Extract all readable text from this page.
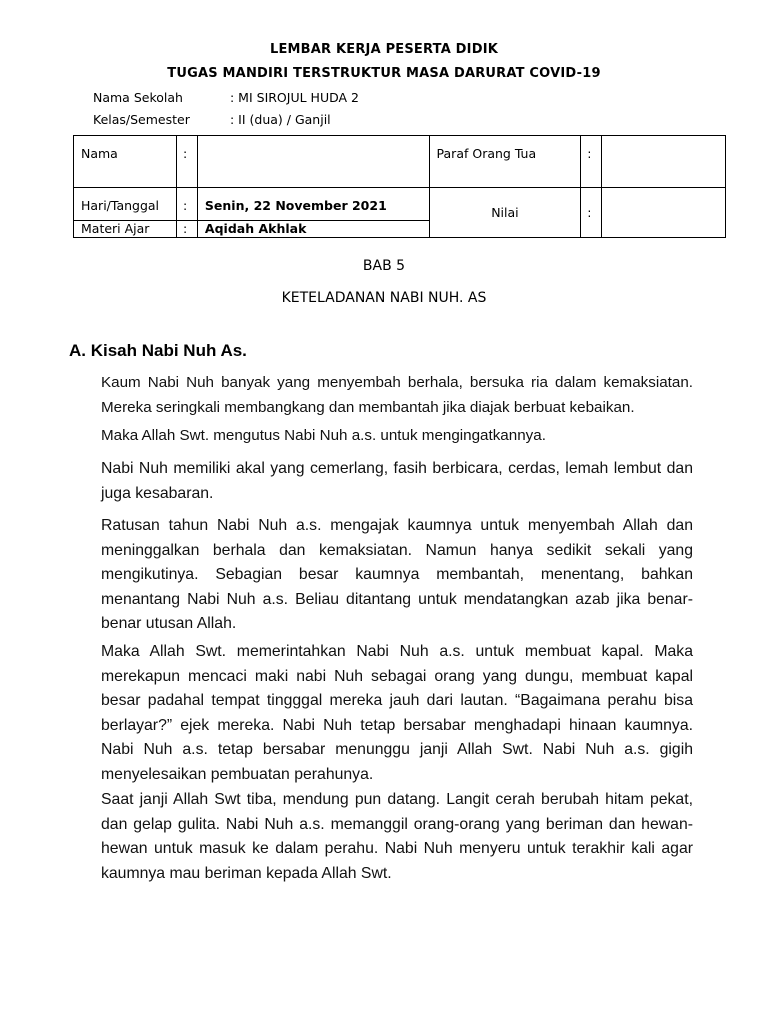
LEMBAR KERJA PESERTA DIDIK
TUGAS MANDIRI TERSTRUKTUR MASA DARURAT COVID-19
Nama Sekolah	: MI SIROJUL HUDA 2
Kelas/Semester	: II (dua) / Ganjil
Nama	:		Paraf Orang Tua	:	
Hari/Tanggal	:	Senin, 22 November 2021	Nilai	:	
Materi Ajar	:	Aqidah Akhlak			
BAB 5
KETELADANAN NABI NUH. AS
A. Kisah Nabi Nuh As.
Kaum Nabi Nuh banyak yang menyembah berhala, bersuka ria dalam kemaksiatan. Mereka seringkali membangkang dan membantah jika diajak berbuat kebaikan.
Maka Allah Swt. mengutus Nabi Nuh a.s. untuk mengingatkannya.
Nabi Nuh memiliki akal yang cemerlang, fasih berbicara, cerdas, lemah lembut dan juga kesabaran.
Ratusan tahun Nabi Nuh a.s. mengajak kaumnya untuk menyembah Allah dan meninggalkan berhala dan kemaksiatan. Namun hanya sedikit sekali yang mengikutinya. Sebagian besar kaumnya membantah, menentang, bahkan menantang Nabi Nuh a.s. Beliau ditantang untuk mendatangkan azab jika benar-benar utusan Allah.
Maka Allah Swt. memerintahkan Nabi Nuh a.s. untuk membuat kapal. Maka merekapun mencaci maki nabi Nuh sebagai orang yang dungu, membuat kapal besar padahal tempat tingggal mereka jauh dari lautan. “Bagaimana perahu bisa berlayar?” ejek mereka. Nabi Nuh tetap bersabar menghadapi hinaan kaumnya. Nabi Nuh a.s. tetap bersabar menunggu janji Allah Swt. Nabi Nuh a.s. gigih menyelesaikan pembuatan perahunya.
Saat janji Allah Swt tiba, mendung pun datang. Langit cerah berubah hitam pekat, dan gelap gulita. Nabi Nuh a.s. memanggil orang-orang yang beriman dan hewan-hewan untuk masuk ke dalam perahu. Nabi Nuh menyeru untuk terakhir kali agar kaumnya mau beriman kepada Allah Swt.
